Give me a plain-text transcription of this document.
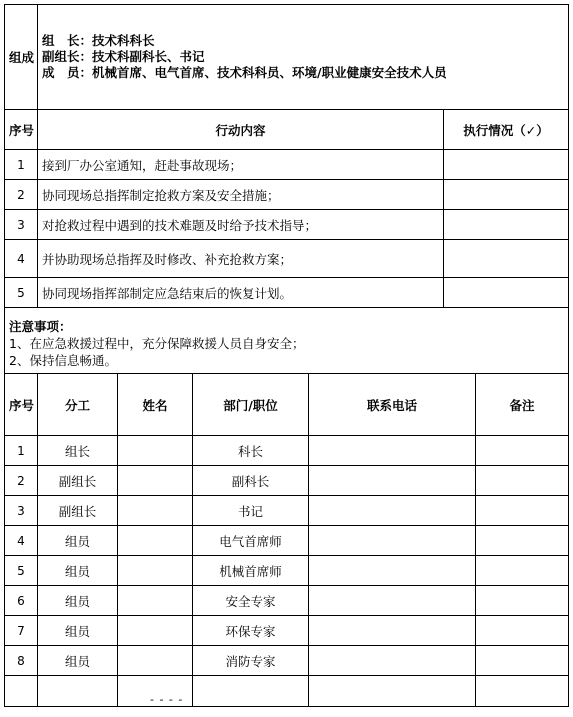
组成	组　长：技术科科长
副组长：技术科副科长、书记
成　员：机械首席、电气首席、技术科科员、环境/职业健康安全技术人员	

序号	行动内容	执行情况（✓）
1	接到厂办公室通知，赶赴事故现场；	
2	协同现场总指挥制定抢救方案及安全措施；	
3	对抢救过程中遇到的技术难题及时给予技术指导；	
4	并协助现场总指挥及时修改、补充抢救方案；	
5	协同现场指挥部制定应急结束后的恢复计划。	

注意事项：
1、在应急救援过程中，充分保障救援人员自身安全；
2、保持信息畅通。		
序号	分工	姓名	部门/职位	联系电话	备注
1	组长		科长		
2	副组长		副科长		
3	副组长		书记		
4	组员		电气首席师		
5	组员		机械首席师		
6	组员		安全专家		
7	组员		环保专家		
8	组员		消防专家		

- - - -
